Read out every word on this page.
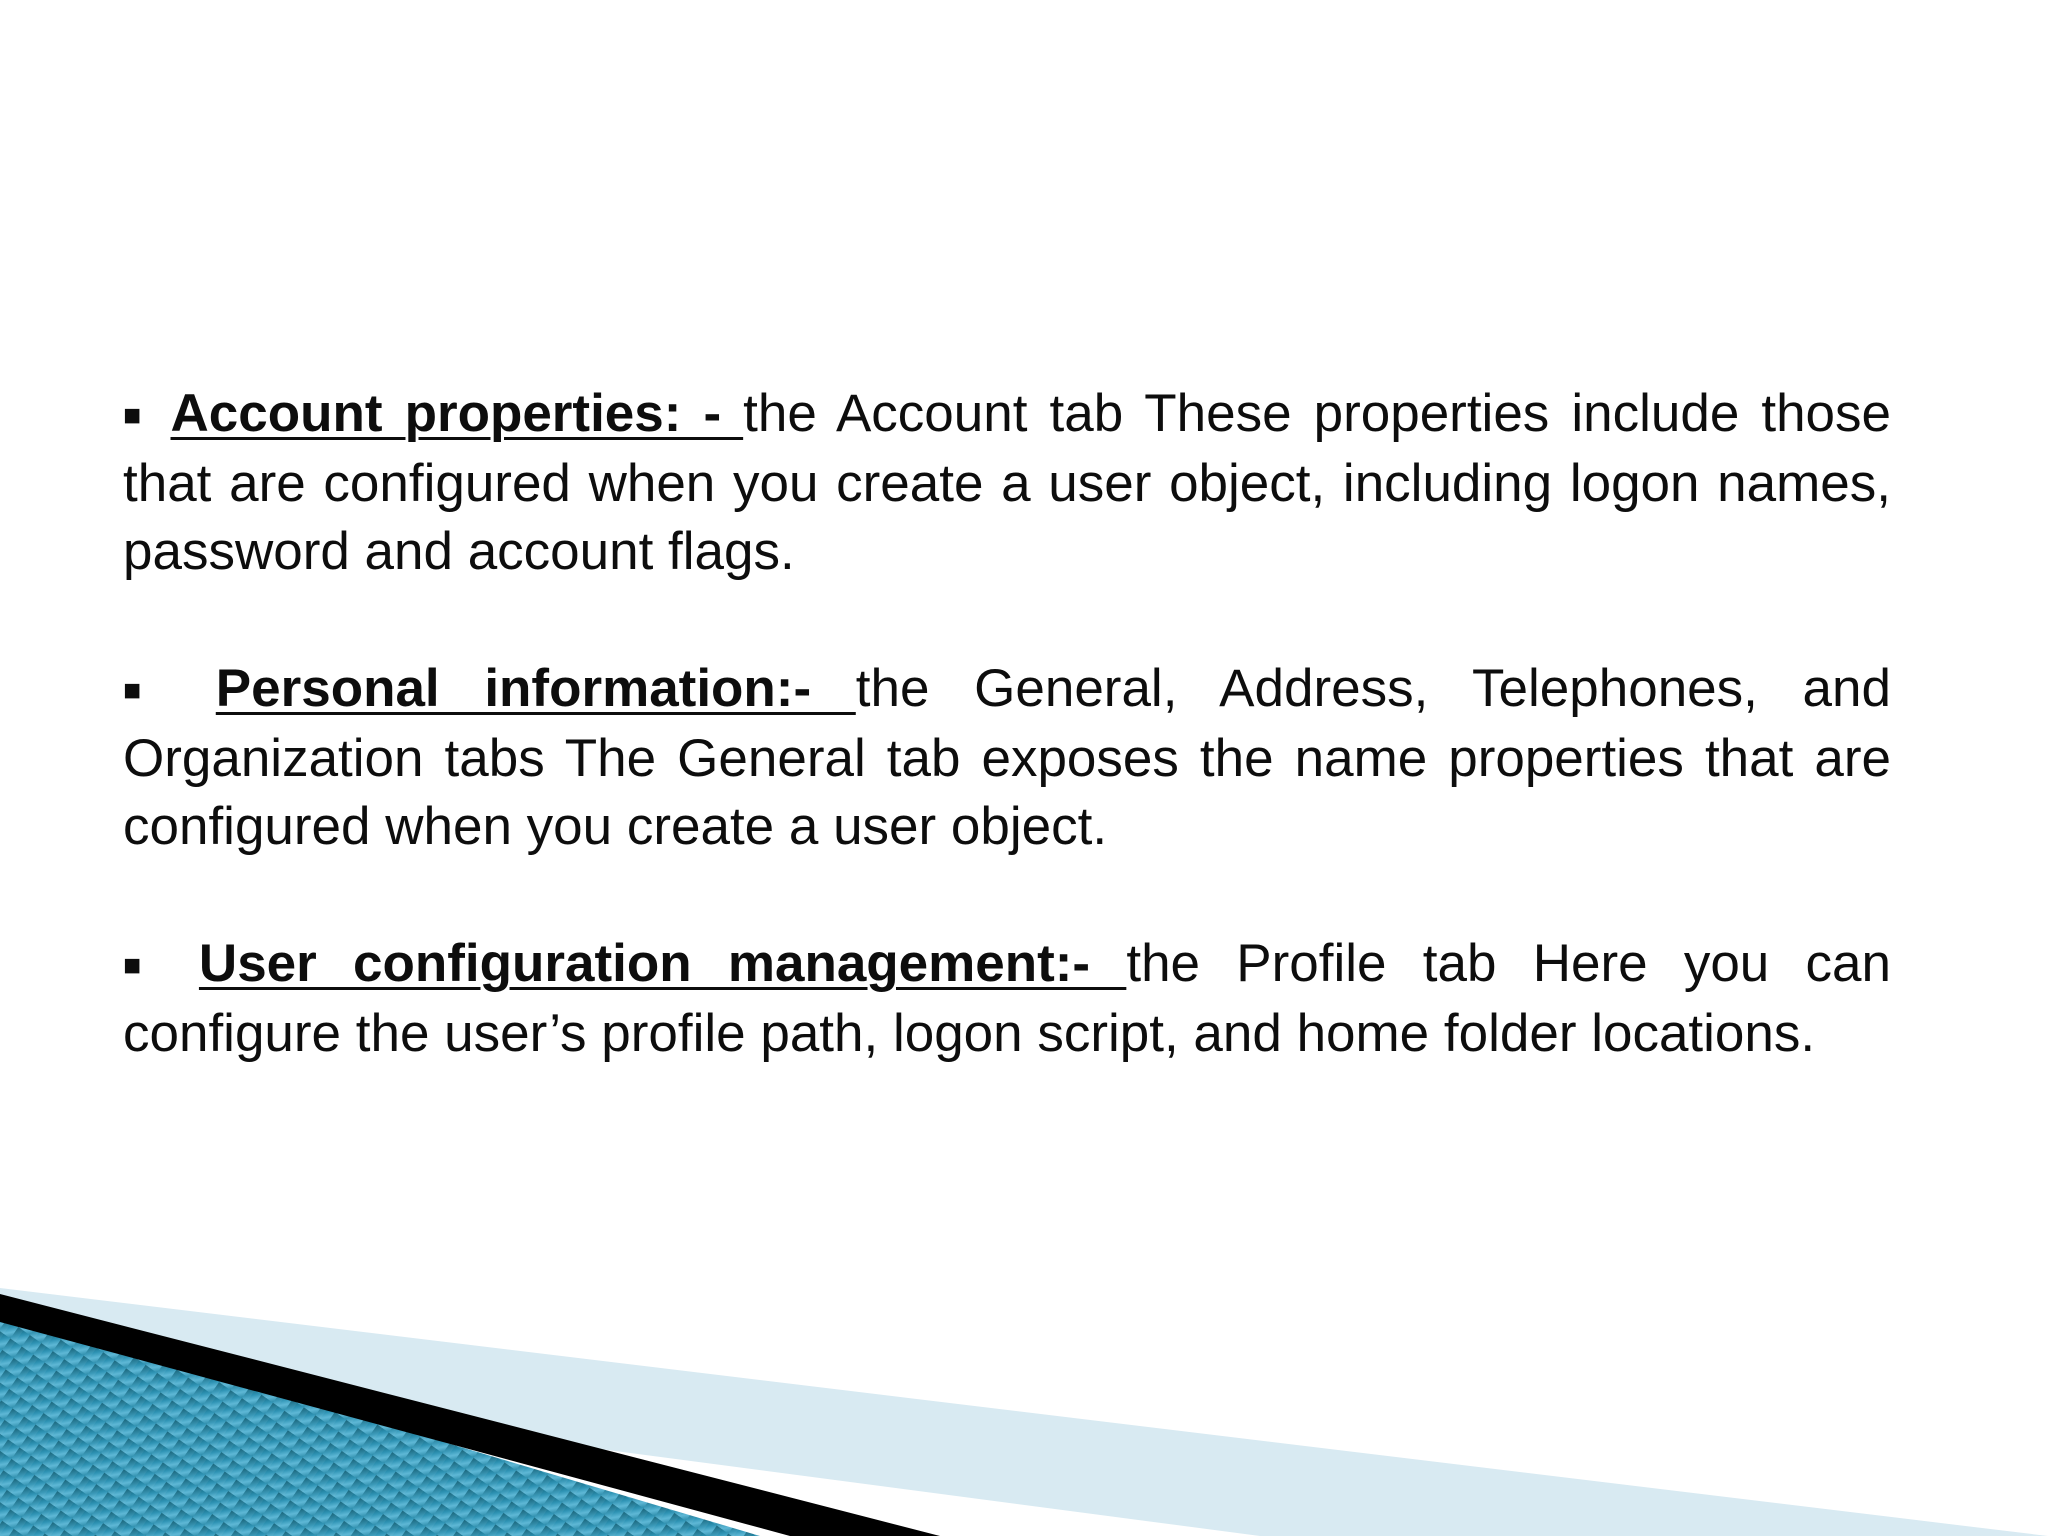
■ Account properties: - the Account tab These properties include those that are configured when you create a user object, including logon names, password and account flags.

■ Personal information:- the General, Address, Telephones, and Organization tabs The General tab exposes the name properties that are configured when you create a user object.

■ User configuration management:- the Profile tab Here you can configure the user’s profile path, logon script, and home folder locations.
